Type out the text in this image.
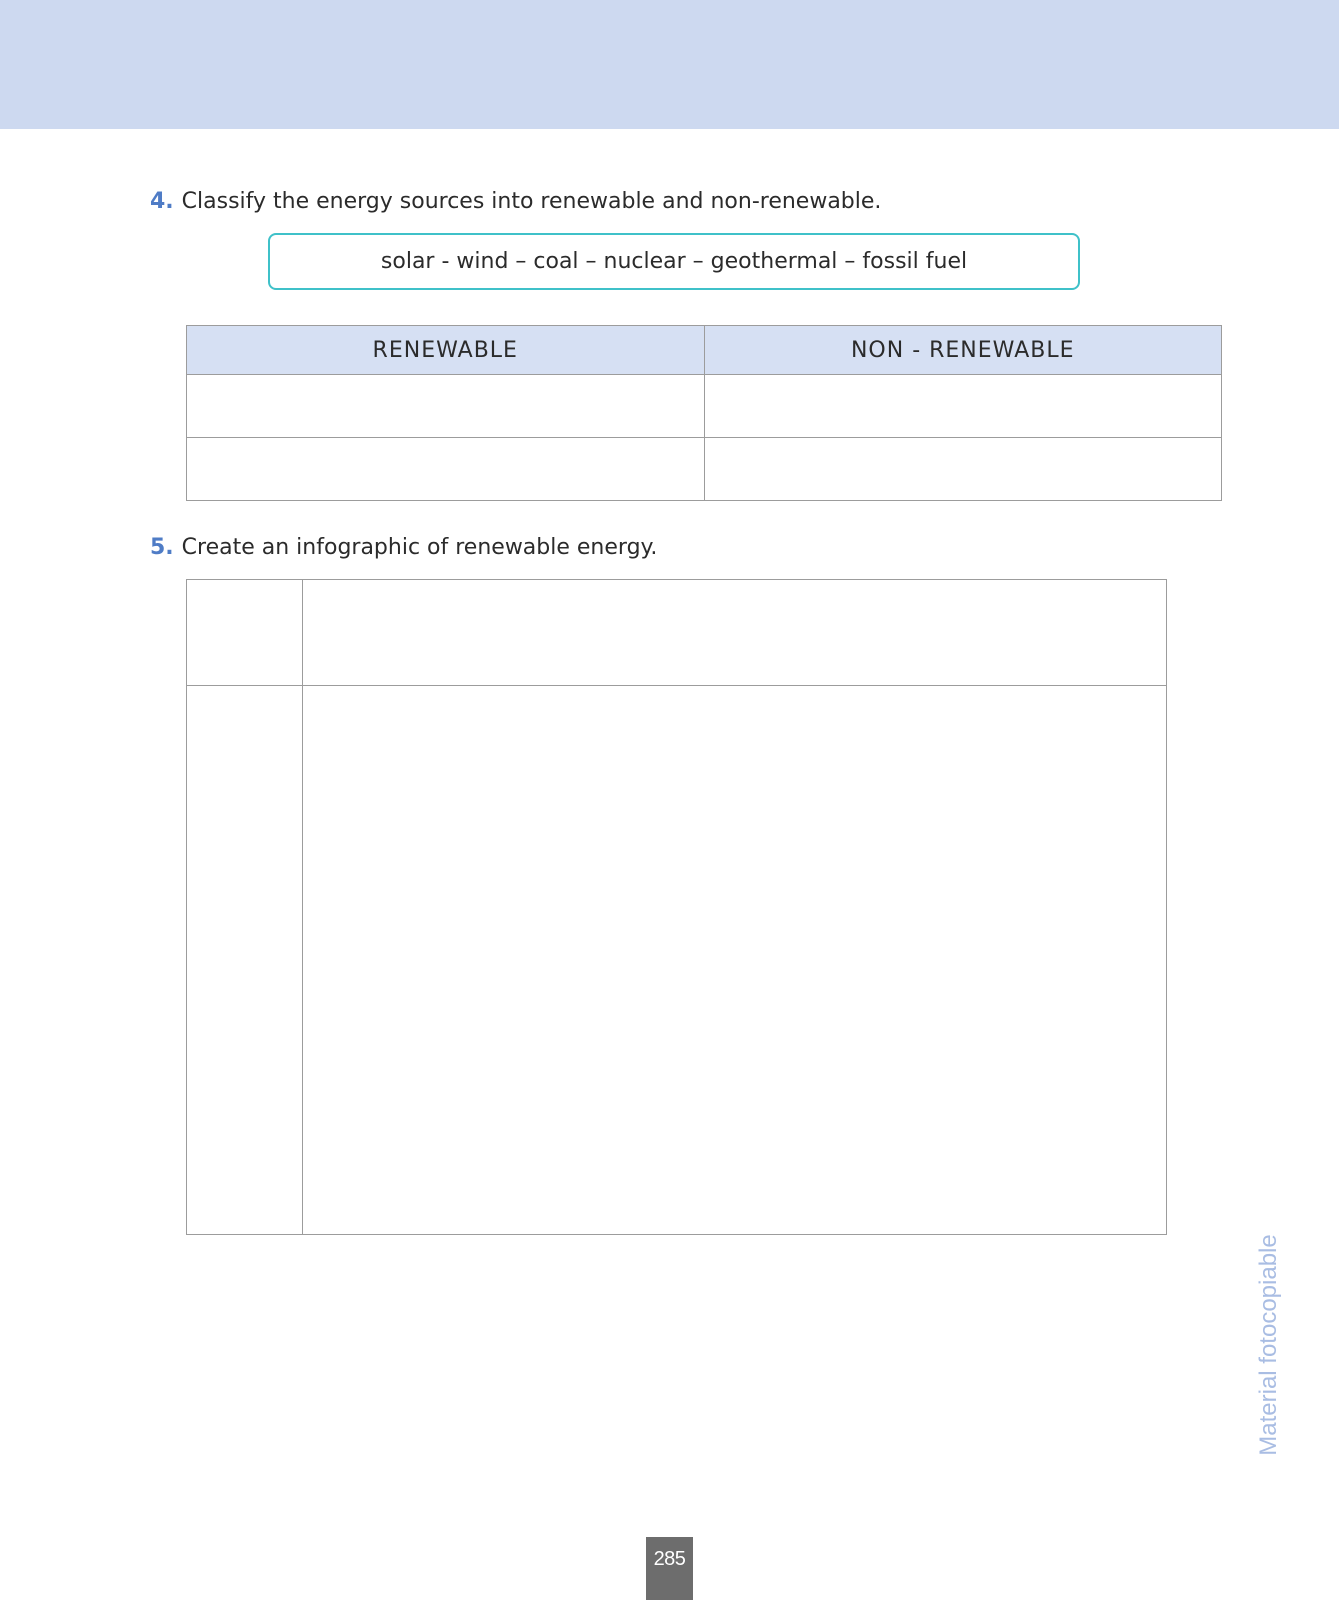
4. Classify the energy sources into renewable and non-renewable.
solar - wind – coal – nuclear – geothermal – fossil fuel
RENEWABLE	NON - RENEWABLE

5. Create an infographic of renewable energy.

Material fotocopiable
285
